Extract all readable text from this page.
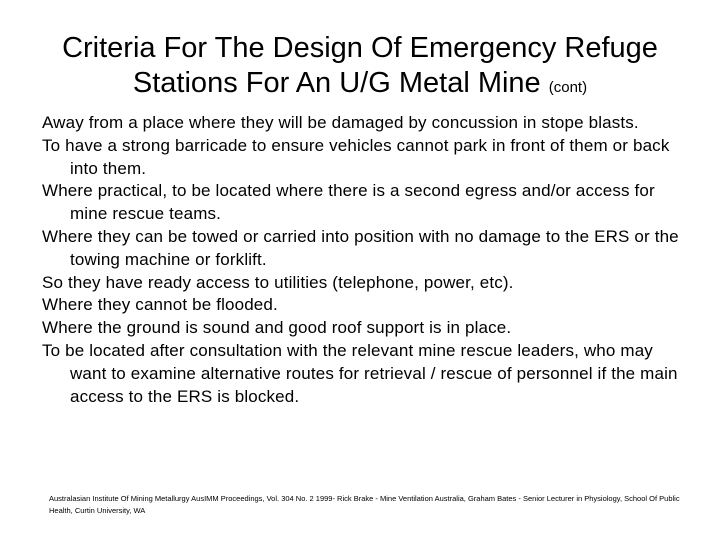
Criteria For The Design Of Emergency Refuge Stations For An U/G Metal Mine (cont)
Away from a place where they will be damaged by concussion in stope blasts.
To have a strong barricade to ensure vehicles cannot park in front of them or back into them.
Where practical, to be located where there is a second egress and/or access for mine rescue teams.
Where they can be towed or carried into position with no damage to the ERS or the towing machine or forklift.
So they have ready access to utilities (telephone, power, etc).
Where they cannot be flooded.
Where the ground is sound and good roof support is in place.
To be located after consultation with the relevant mine rescue leaders, who may want to examine alternative routes for retrieval / rescue of personnel if the main access to the ERS is blocked.

Australasian Institute Of Mining Metallurgy AusIMM Proceedings, Vol. 304 No. 2 1999- Rick Brake - Mine Ventilation Australia, Graham Bates - Senior Lecturer in Physiology, School Of Public Health, Curtin University, WA
